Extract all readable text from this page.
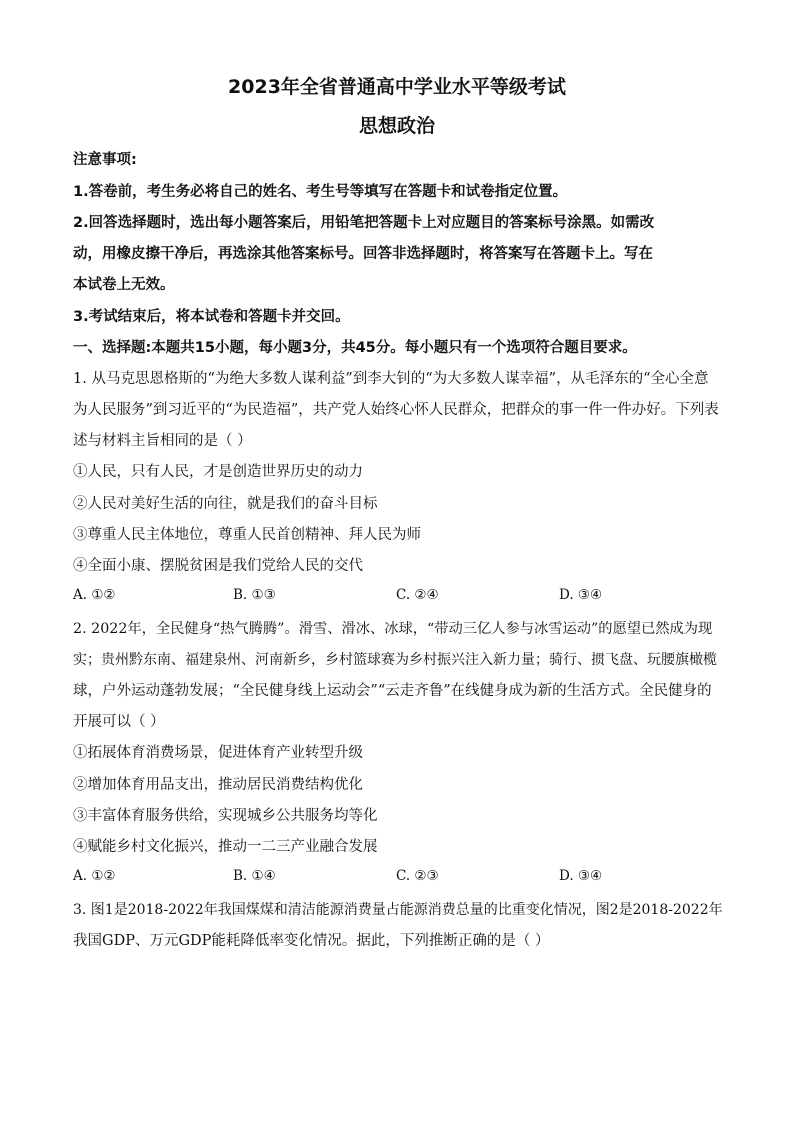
2023年全省普通高中学业水平等级考试
思想政治
注意事项:
1.答卷前，考生务必将自己的姓名、考生号等填写在答题卡和试卷指定位置。
2.回答选择题时，选出每小题答案后，用铅笔把答题卡上对应题目的答案标号涂黑。如需改
动，用橡皮擦干净后，再选涂其他答案标号。回答非选择题时，将答案写在答题卡上。写在
本试卷上无效。
3.考试结束后，将本试卷和答题卡并交回。
一、选择题:本题共15小题，每小题3分，共45分。每小题只有一个选项符合题目要求。
1. 从马克思恩格斯的“为绝大多数人谋利益”到李大钊的“为大多数人谋幸福”，从毛泽东的“全心全意
为人民服务”到习近平的“为民造福”，共产党人始终心怀人民群众，把群众的事一件一件办好。下列表
述与材料主旨相同的是（ ）
①人民，只有人民，才是创造世界历史的动力
②人民对美好生活的向往，就是我们的奋斗目标
③尊重人民主体地位，尊重人民首创精神、拜人民为师
④全面小康、摆脱贫困是我们党给人民的交代
A. ①②	B. ①③	C. ②④	D. ③④
2. 2022年，全民健身“热气腾腾”。滑雪、滑冰、冰球，“带动三亿人参与冰雪运动”的愿望已然成为现
实；贵州黔东南、福建泉州、河南新乡，乡村篮球赛为乡村振兴注入新力量；骑行、掼飞盘、玩腰旗橄榄
球，户外运动蓬勃发展；“全民健身线上运动会”“云走齐鲁”在线健身成为新的生活方式。全民健身的
开展可以（ ）
①拓展体育消费场景，促进体育产业转型升级
②增加体育用品支出，推动居民消费结构优化
③丰富体育服务供给，实现城乡公共服务均等化
④赋能乡村文化振兴，推动一二三产业融合发展
A. ①②	B. ①④	C. ②③	D. ③④
3. 图1是2018-2022年我国煤煤和清洁能源消费量占能源消费总量的比重变化情况，图2是2018-2022年
我国GDP、万元GDP能耗降低率变化情况。据此，下列推断正确的是（ ）
